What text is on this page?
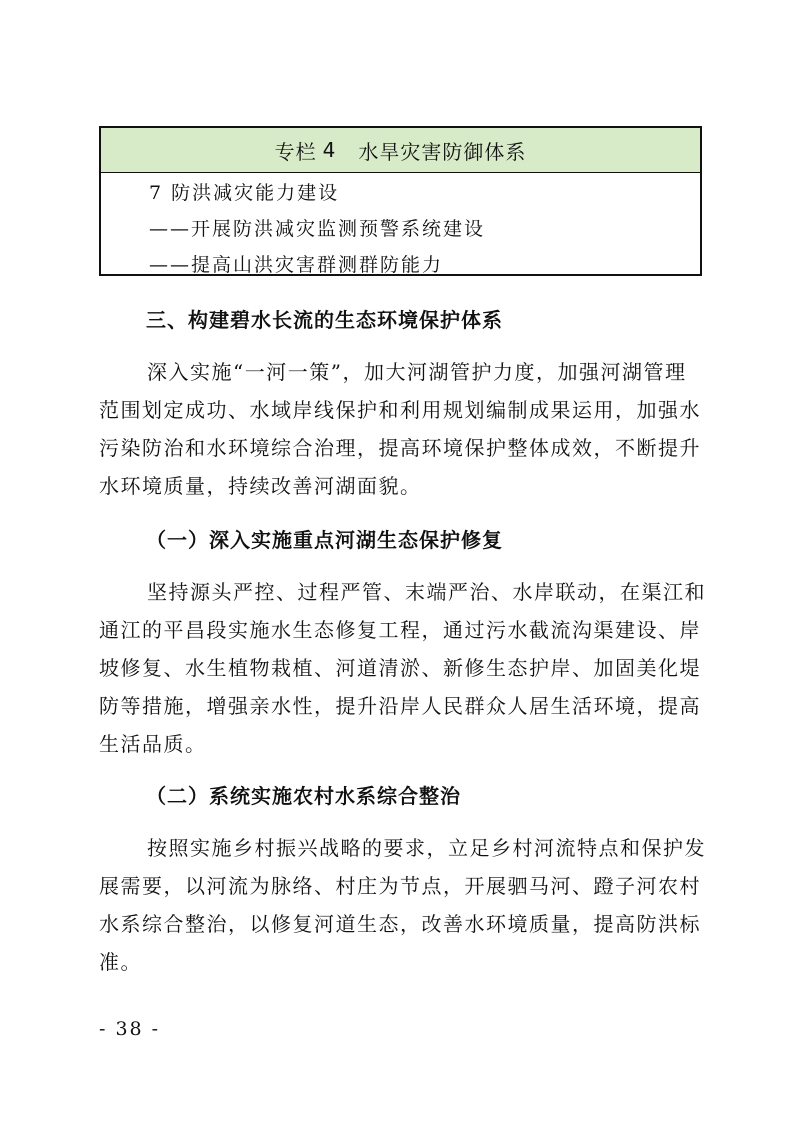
专栏 4 水旱灾害防御体系
7 防洪减灾能力建设
——开展防洪减灾监测预警系统建设
——提高山洪灾害群测群防能力
三、构建碧水长流的生态环境保护体系
深入实施“一河一策”，加大河湖管护力度，加强河湖管理
范围划定成功、水域岸线保护和利用规划编制成果运用，加强水
污染防治和水环境综合治理，提高环境保护整体成效，不断提升
水环境质量，持续改善河湖面貌。
（一）深入实施重点河湖生态保护修复
坚持源头严控、过程严管、末端严治、水岸联动，在渠江和
通江的平昌段实施水生态修复工程，通过污水截流沟渠建设、岸
坡修复、水生植物栽植、河道清淤、新修生态护岸、加固美化堤
防等措施，增强亲水性，提升沿岸人民群众人居生活环境，提高
生活品质。
（二）系统实施农村水系综合整治
按照实施乡村振兴战略的要求，立足乡村河流特点和保护发
展需要，以河流为脉络、村庄为节点，开展驷马河、蹬子河农村
水系综合整治，以修复河道生态，改善水环境质量，提高防洪标
准。
- 38 -
